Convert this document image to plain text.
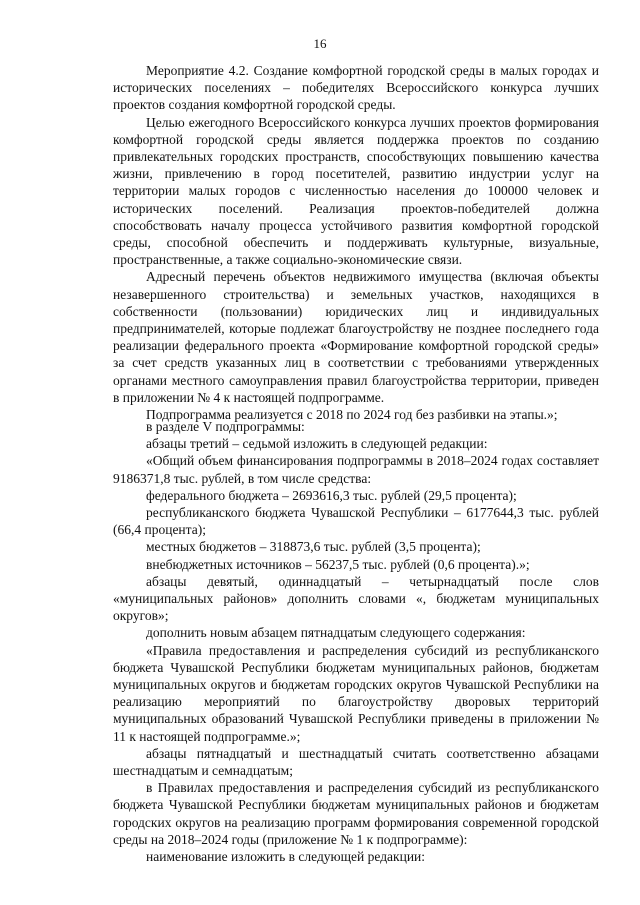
16

Мероприятие 4.2. Создание комфортной городской среды в малых городах и исторических поселениях – победителях Всероссийского конкурса лучших проектов создания комфортной городской среды.

Целью ежегодного Всероссийского конкурса лучших проектов формирования комфортной городской среды является поддержка проектов по созданию привлекательных городских пространств, способствующих повышению качества жизни, привлечению в город посетителей, развитию индустрии услуг на территории малых городов с численностью населения до 100000 человек и исторических поселений. Реализация проектов-победителей должна способствовать началу процесса устойчивого развития комфортной городской среды, способной обеспечить и поддерживать культурные, визуальные, пространственные, а также социально-экономические связи.

Адресный перечень объектов недвижимого имущества (включая объекты незавершенного строительства) и земельных участков, находящихся в собственности (пользовании) юридических лиц и индивидуальных предпринимателей, которые подлежат благоустройству не позднее последнего года реализации федерального проекта «Формирование комфортной городской среды» за счет средств указанных лиц в соответствии с требованиями утвержденных органами местного самоуправления правил благоустройства территории, приведен в приложении № 4 к настоящей подпрограмме.

Подпрограмма реализуется с 2018 по 2024 год без разбивки на этапы.»;

в разделе V подпрограммы:

абзацы третий – седьмой изложить в следующей редакции:

«Общий объем финансирования подпрограммы в 2018–2024 годах составляет 9186371,8 тыс. рублей, в том числе средства:

федерального бюджета – 2693616,3 тыс. рублей (29,5 процента);

республиканского бюджета Чувашской Республики – 6177644,3 тыс. рублей (66,4 процента);

местных бюджетов – 318873,6 тыс. рублей (3,5 процента);

внебюджетных источников – 56237,5 тыс. рублей (0,6 процента).»;

абзацы девятый, одиннадцатый – четырнадцатый после слов «муниципальных районов» дополнить словами «, бюджетам муниципальных округов»;

дополнить новым абзацем пятнадцатым следующего содержания:

«Правила предоставления и распределения субсидий из республиканского бюджета Чувашской Республики бюджетам муниципальных районов, бюджетам муниципальных округов и бюджетам городских округов Чувашской Республики на реализацию мероприятий по благоустройству дворовых территорий муниципальных образований Чувашской Республики приведены в приложении № 11 к настоящей подпрограмме.»;

абзацы пятнадцатый и шестнадцатый считать соответственно абзацами шестнадцатым и семнадцатым;

в Правилах предоставления и распределения субсидий из республиканского бюджета Чувашской Республики бюджетам муниципальных районов и бюджетам городских округов на реализацию программ формирования современной городской среды на 2018–2024 годы (приложение № 1 к подпрограмме):

наименование изложить в следующей редакции:
